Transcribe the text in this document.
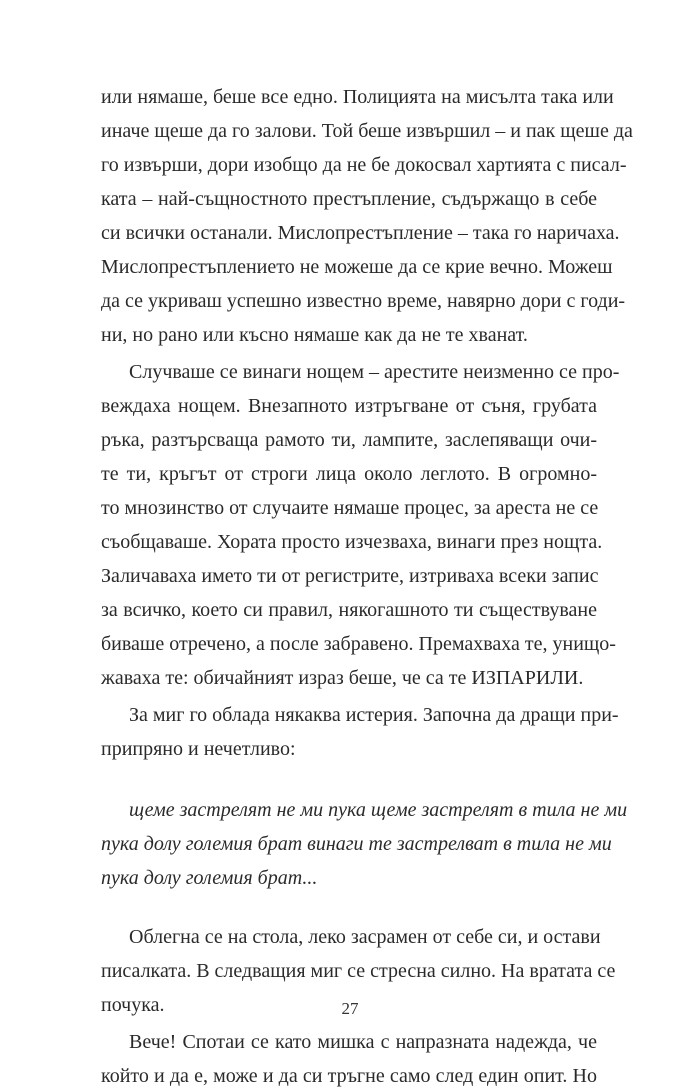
или нямаше, беше все едно. Полицията на мисълта така или
иначе щеше да го залови. Той беше извършил – и пак щеше да
го извърши, дори изобщо да не бе докосвал хартията с писал-
ката – най-същностното престъпление, съдържащо в себе
си всички останали. Мислопрестъпление – така го наричаха.
Мислопрестъплението не можеше да се крие вечно. Можеш
да се укриваш успешно известно време, навярно дори с годи-
ни, но рано или късно нямаше как да не те хванат.
Случваше се винаги нощем – арестите неизменно се про-
веждаха нощем. Внезапното изтръгване от съня, грубата
ръка, разтърсваща рамото ти, лампите, заслепяващи очи-
те ти, кръгът от строги лица около леглото. В огромно-
то мнозинство от случаите нямаше процес, за ареста не се
съобщаваше. Хората просто изчезваха, винаги през нощта.
Заличаваха името ти от регистрите, изтриваха всеки запис
за всичко, което си правил, някогашното ти съществуване
биваше отречено, а после забравено. Премахваха те, унищо-
жаваха те: обичайният израз беше, че са те ИЗПАРИЛИ.
За миг го облада някаква истерия. Започна да дращи при-
припряно и нечетливо:
щеме застрелят не ми пука щеме застрелят в тила не ми
пука долу големия брат винаги те застрелват в тила не ми
пука долу големия брат...
Облегна се на стола, леко засрамен от себе си, и остави
писалката. В следващия миг се стресна силно. На вратата се
почука.
Вече! Спотаи се като мишка с напразната надежда, че
който и да е, може и да си тръгне само след един опит. Но
27
